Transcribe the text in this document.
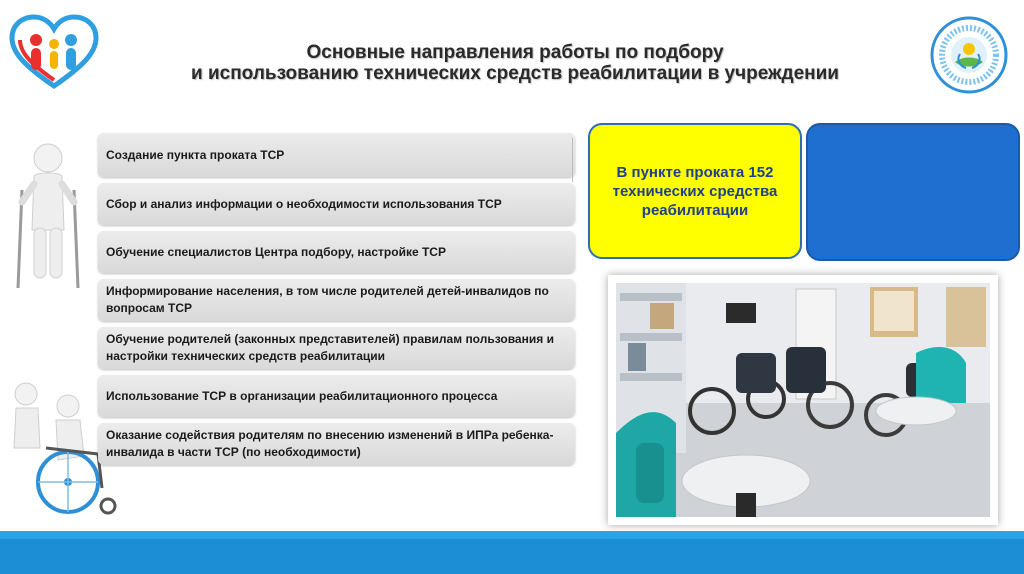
Основные направления работы по подбору
и использованию технических средств реабилитации в учреждении
Создание пункта проката ТСР
Сбор и анализ информации о необходимости использования ТСР
Обучение специалистов Центра подбору, настройке ТСР
Информирование населения, в том числе родителей детей-инвалидов по вопросам ТСР
Обучение родителей (законных представителей) правилам пользования и настройки технических средств реабилитации
Использование ТСР в организации реабилитационного процесса
Оказание содействия родителям по внесению изменений в ИПРа ребенка-инвалида в части ТСР (по необходимости)
В пункте проката 152 технических средства реабилитации
